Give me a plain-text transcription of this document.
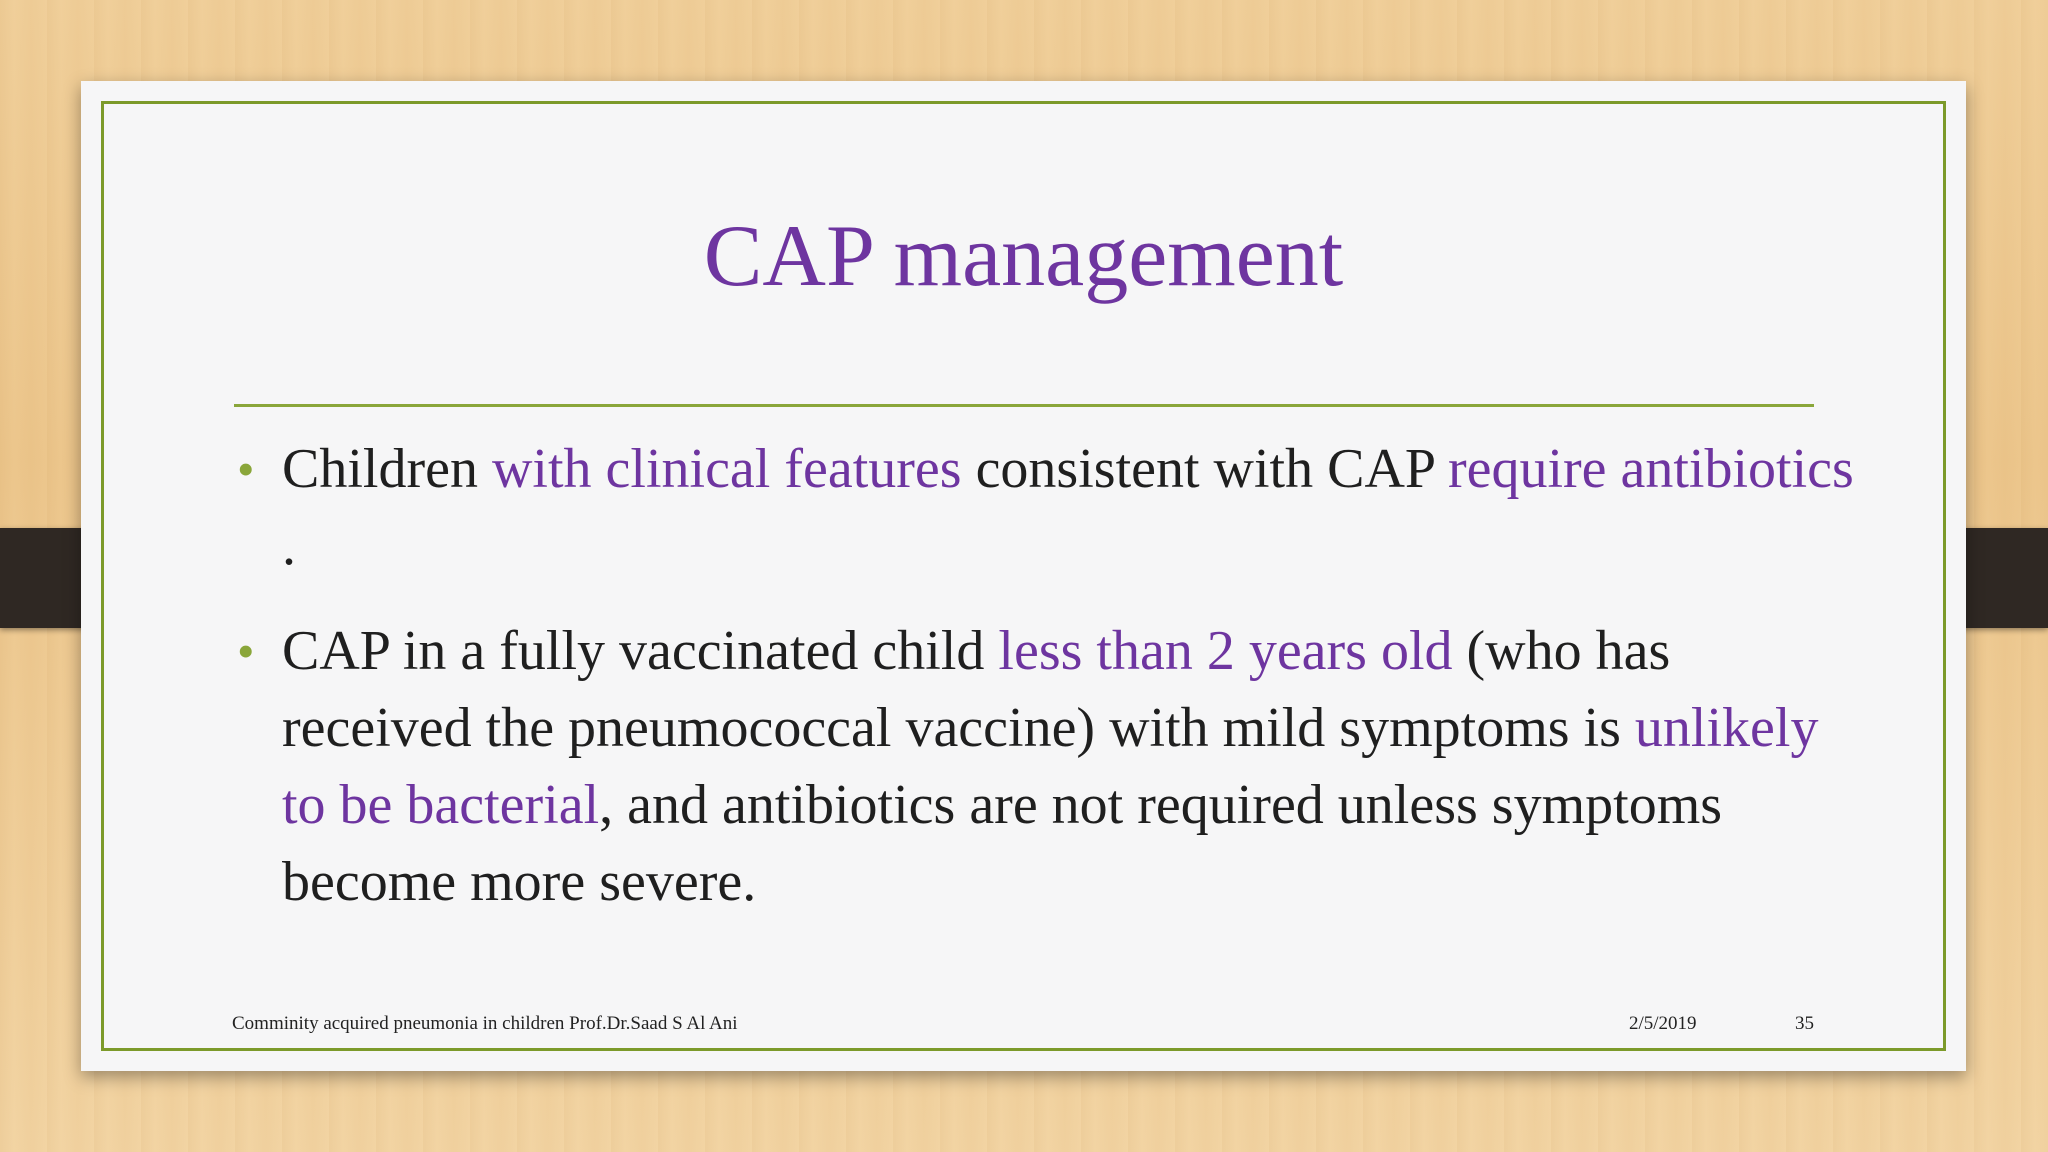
CAP management
• Children with clinical features consistent with CAP require antibiotics .
• CAP in a fully vaccinated child less than 2 years old (who has received the pneumococcal vaccine) with mild symptoms is unlikely to be bacterial, and antibiotics are not required unless symptoms become more severe.
Comminity acquired pneumonia in children Prof.Dr.Saad S Al Ani	2/5/2019	35
